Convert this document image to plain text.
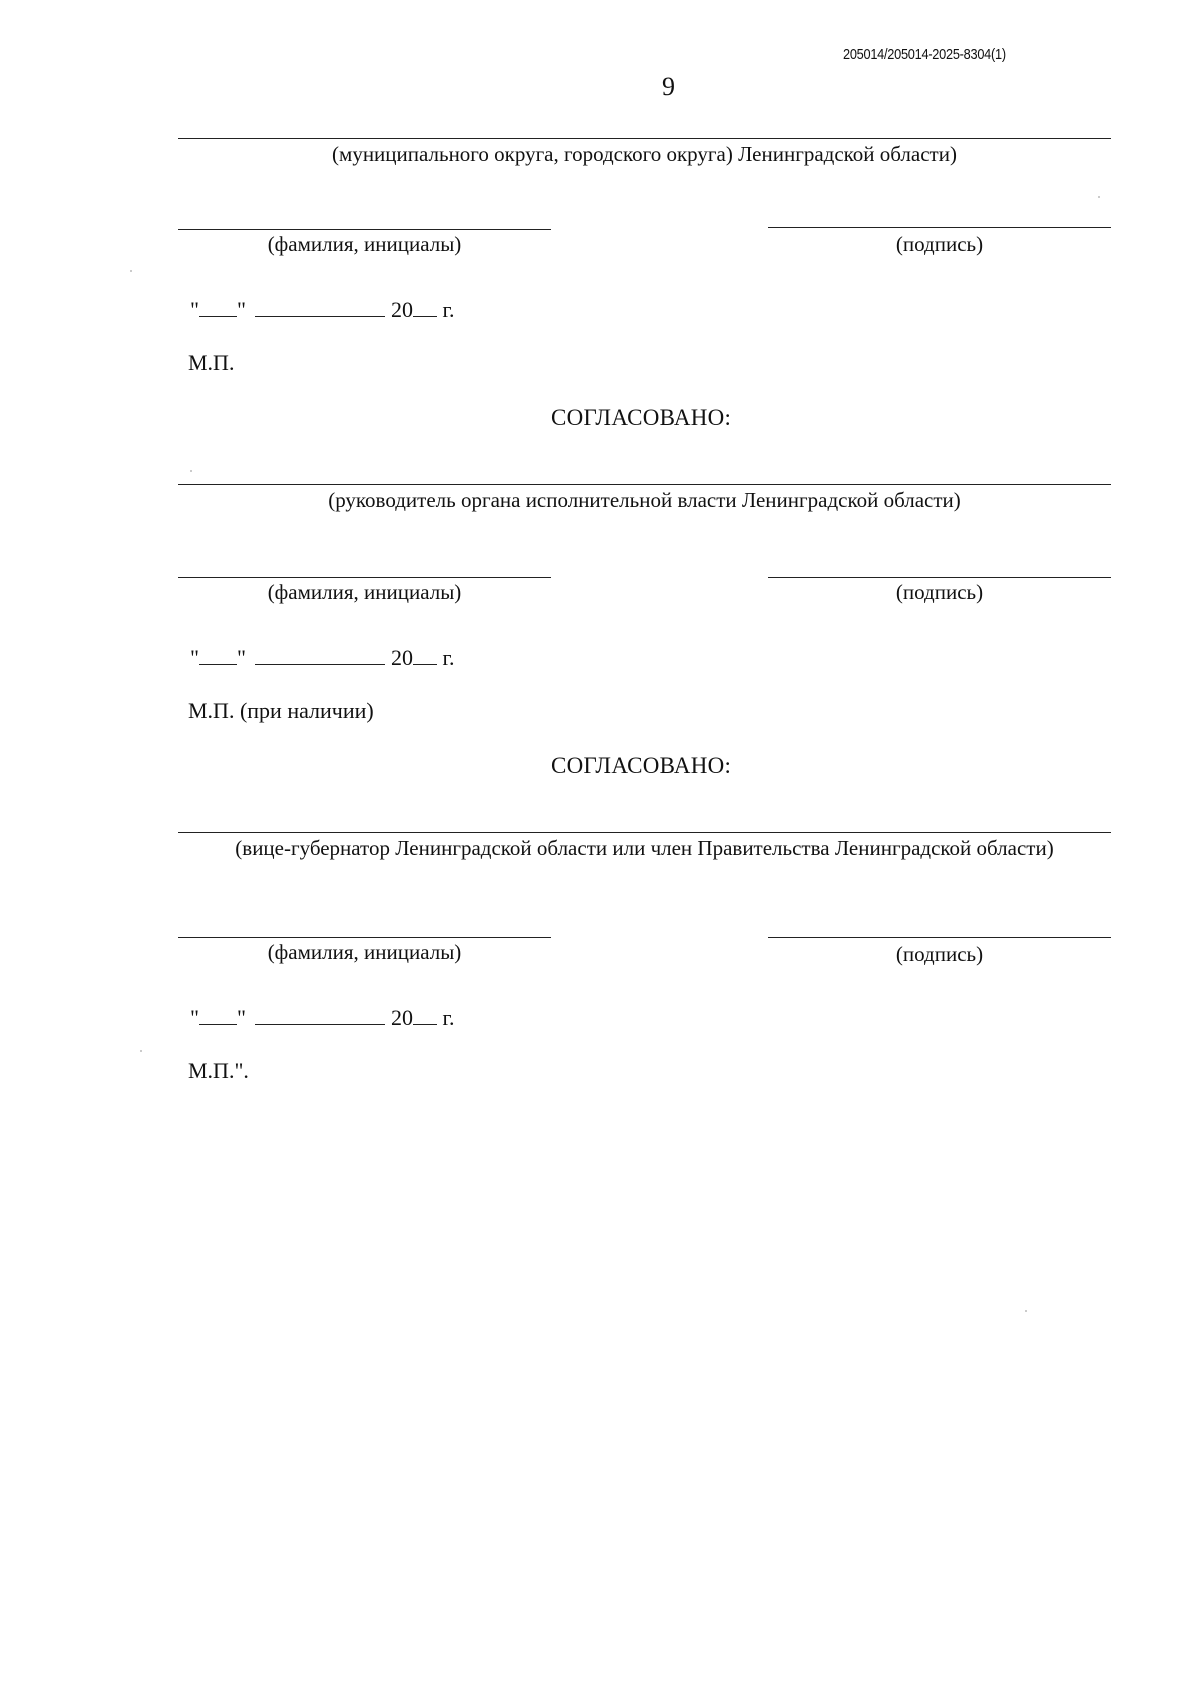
205014/205014-2025-8304(1)
9
(муниципального округа, городского округа) Ленинградской области)
(фамилия, инициалы)	(подпись)
" "	20 г.
М.П.
СОГЛАСОВАНО:
(руководитель органа исполнительной власти Ленинградской области)
(фамилия, инициалы)	(подпись)
" "	20 г.
М.П. (при наличии)
СОГЛАСОВАНО:
(вице-губернатор Ленинградской области или член Правительства Ленинградской области)
(фамилия, инициалы)	(подпись)
" "	20 г.
М.П.".
